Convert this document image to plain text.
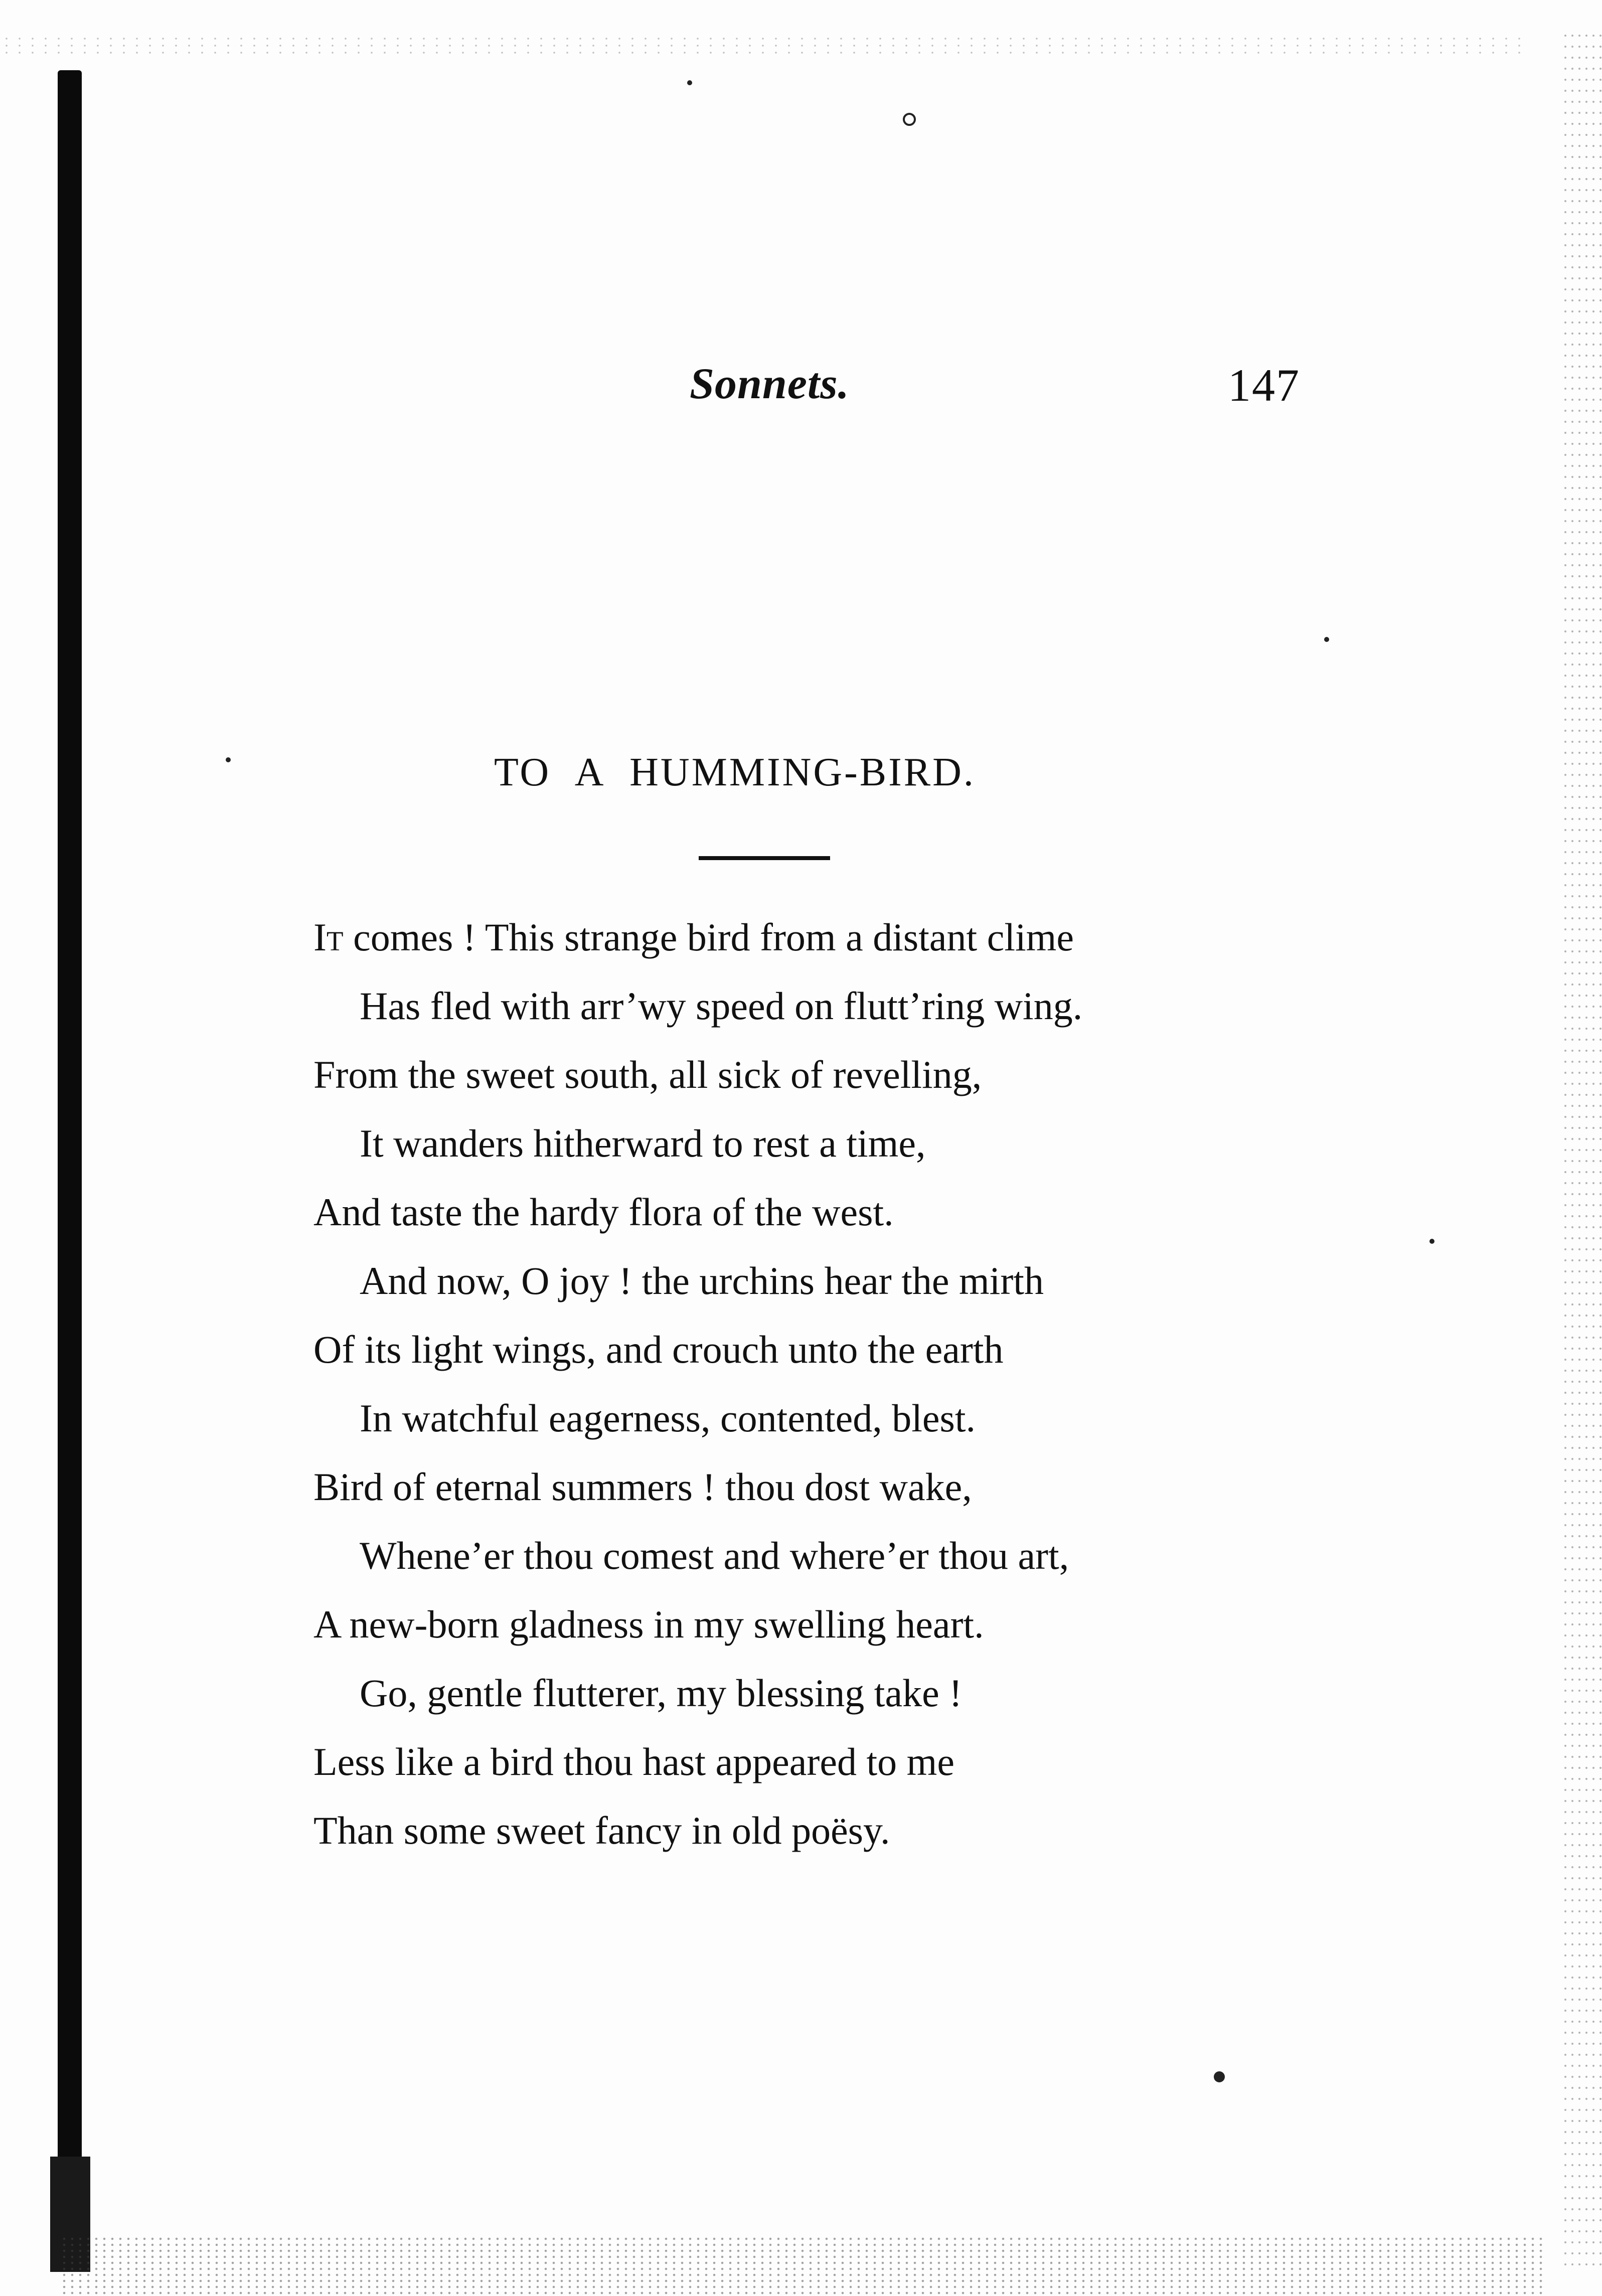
Sonnets.	147
TO A HUMMING-BIRD.
It comes ! This strange bird from a distant clime
Has fled with arr’wy speed on flutt’ring wing.
From the sweet south, all sick of revelling,
It wanders hitherward to rest a time,
And taste the hardy flora of the west.
And now, O joy ! the urchins hear the mirth
Of its light wings, and crouch unto the earth
In watchful eagerness, contented, blest.
Bird of eternal summers ! thou dost wake,
Whene’er thou comest and where’er thou art,
A new-born gladness in my swelling heart.
Go, gentle flutterer, my blessing take !
Less like a bird thou hast appeared to me
Than some sweet fancy in old poësy.
